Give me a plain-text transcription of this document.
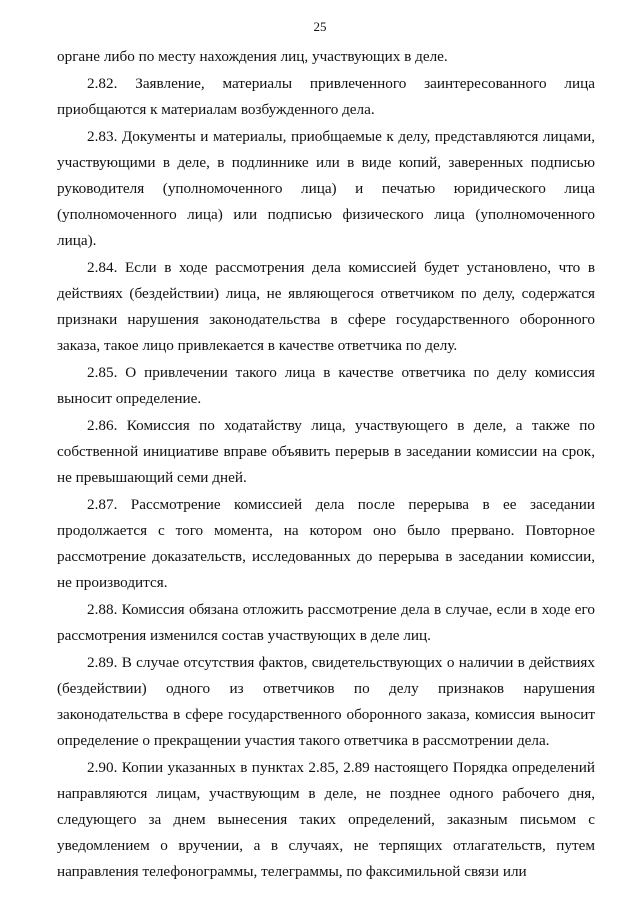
25

органе либо по месту нахождения лиц, участвующих в деле.

2.82. Заявление, материалы привлеченного заинтересованного лица приобщаются к материалам возбужденного дела.

2.83. Документы и материалы, приобщаемые к делу, представляются лицами, участвующими в деле, в подлиннике или в виде копий, заверенных подписью руководителя (уполномоченного лица) и печатью юридического лица (уполномоченного лица) или подписью физического лица (уполномоченного лица).

2.84. Если в ходе рассмотрения дела комиссией будет установлено, что в действиях (бездействии) лица, не являющегося ответчиком по делу, содержатся признаки нарушения законодательства в сфере государственного оборонного заказа, такое лицо привлекается в качестве ответчика по делу.

2.85. О привлечении такого лица в качестве ответчика по делу комиссия выносит определение.

2.86. Комиссия по ходатайству лица, участвующего в деле, а также по собственной инициативе вправе объявить перерыв в заседании комиссии на срок, не превышающий семи дней.

2.87. Рассмотрение комиссией дела после перерыва в ее заседании продолжается с того момента, на котором оно было прервано. Повторное рассмотрение доказательств, исследованных до перерыва в заседании комиссии, не производится.

2.88. Комиссия обязана отложить рассмотрение дела в случае, если в ходе его рассмотрения изменился состав участвующих в деле лиц.

2.89. В случае отсутствия фактов, свидетельствующих о наличии в действиях (бездействии) одного из ответчиков по делу признаков нарушения законодательства в сфере государственного оборонного заказа, комиссия выносит определение о прекращении участия такого ответчика в рассмотрении дела.

2.90. Копии указанных в пунктах 2.85, 2.89 настоящего Порядка определений направляются лицам, участвующим в деле, не позднее одного рабочего дня, следующего за днем вынесения таких определений, заказным письмом с уведомлением о вручении, а в случаях, не терпящих отлагательств, путем направления телефонограммы, телеграммы, по факсимильной связи или
